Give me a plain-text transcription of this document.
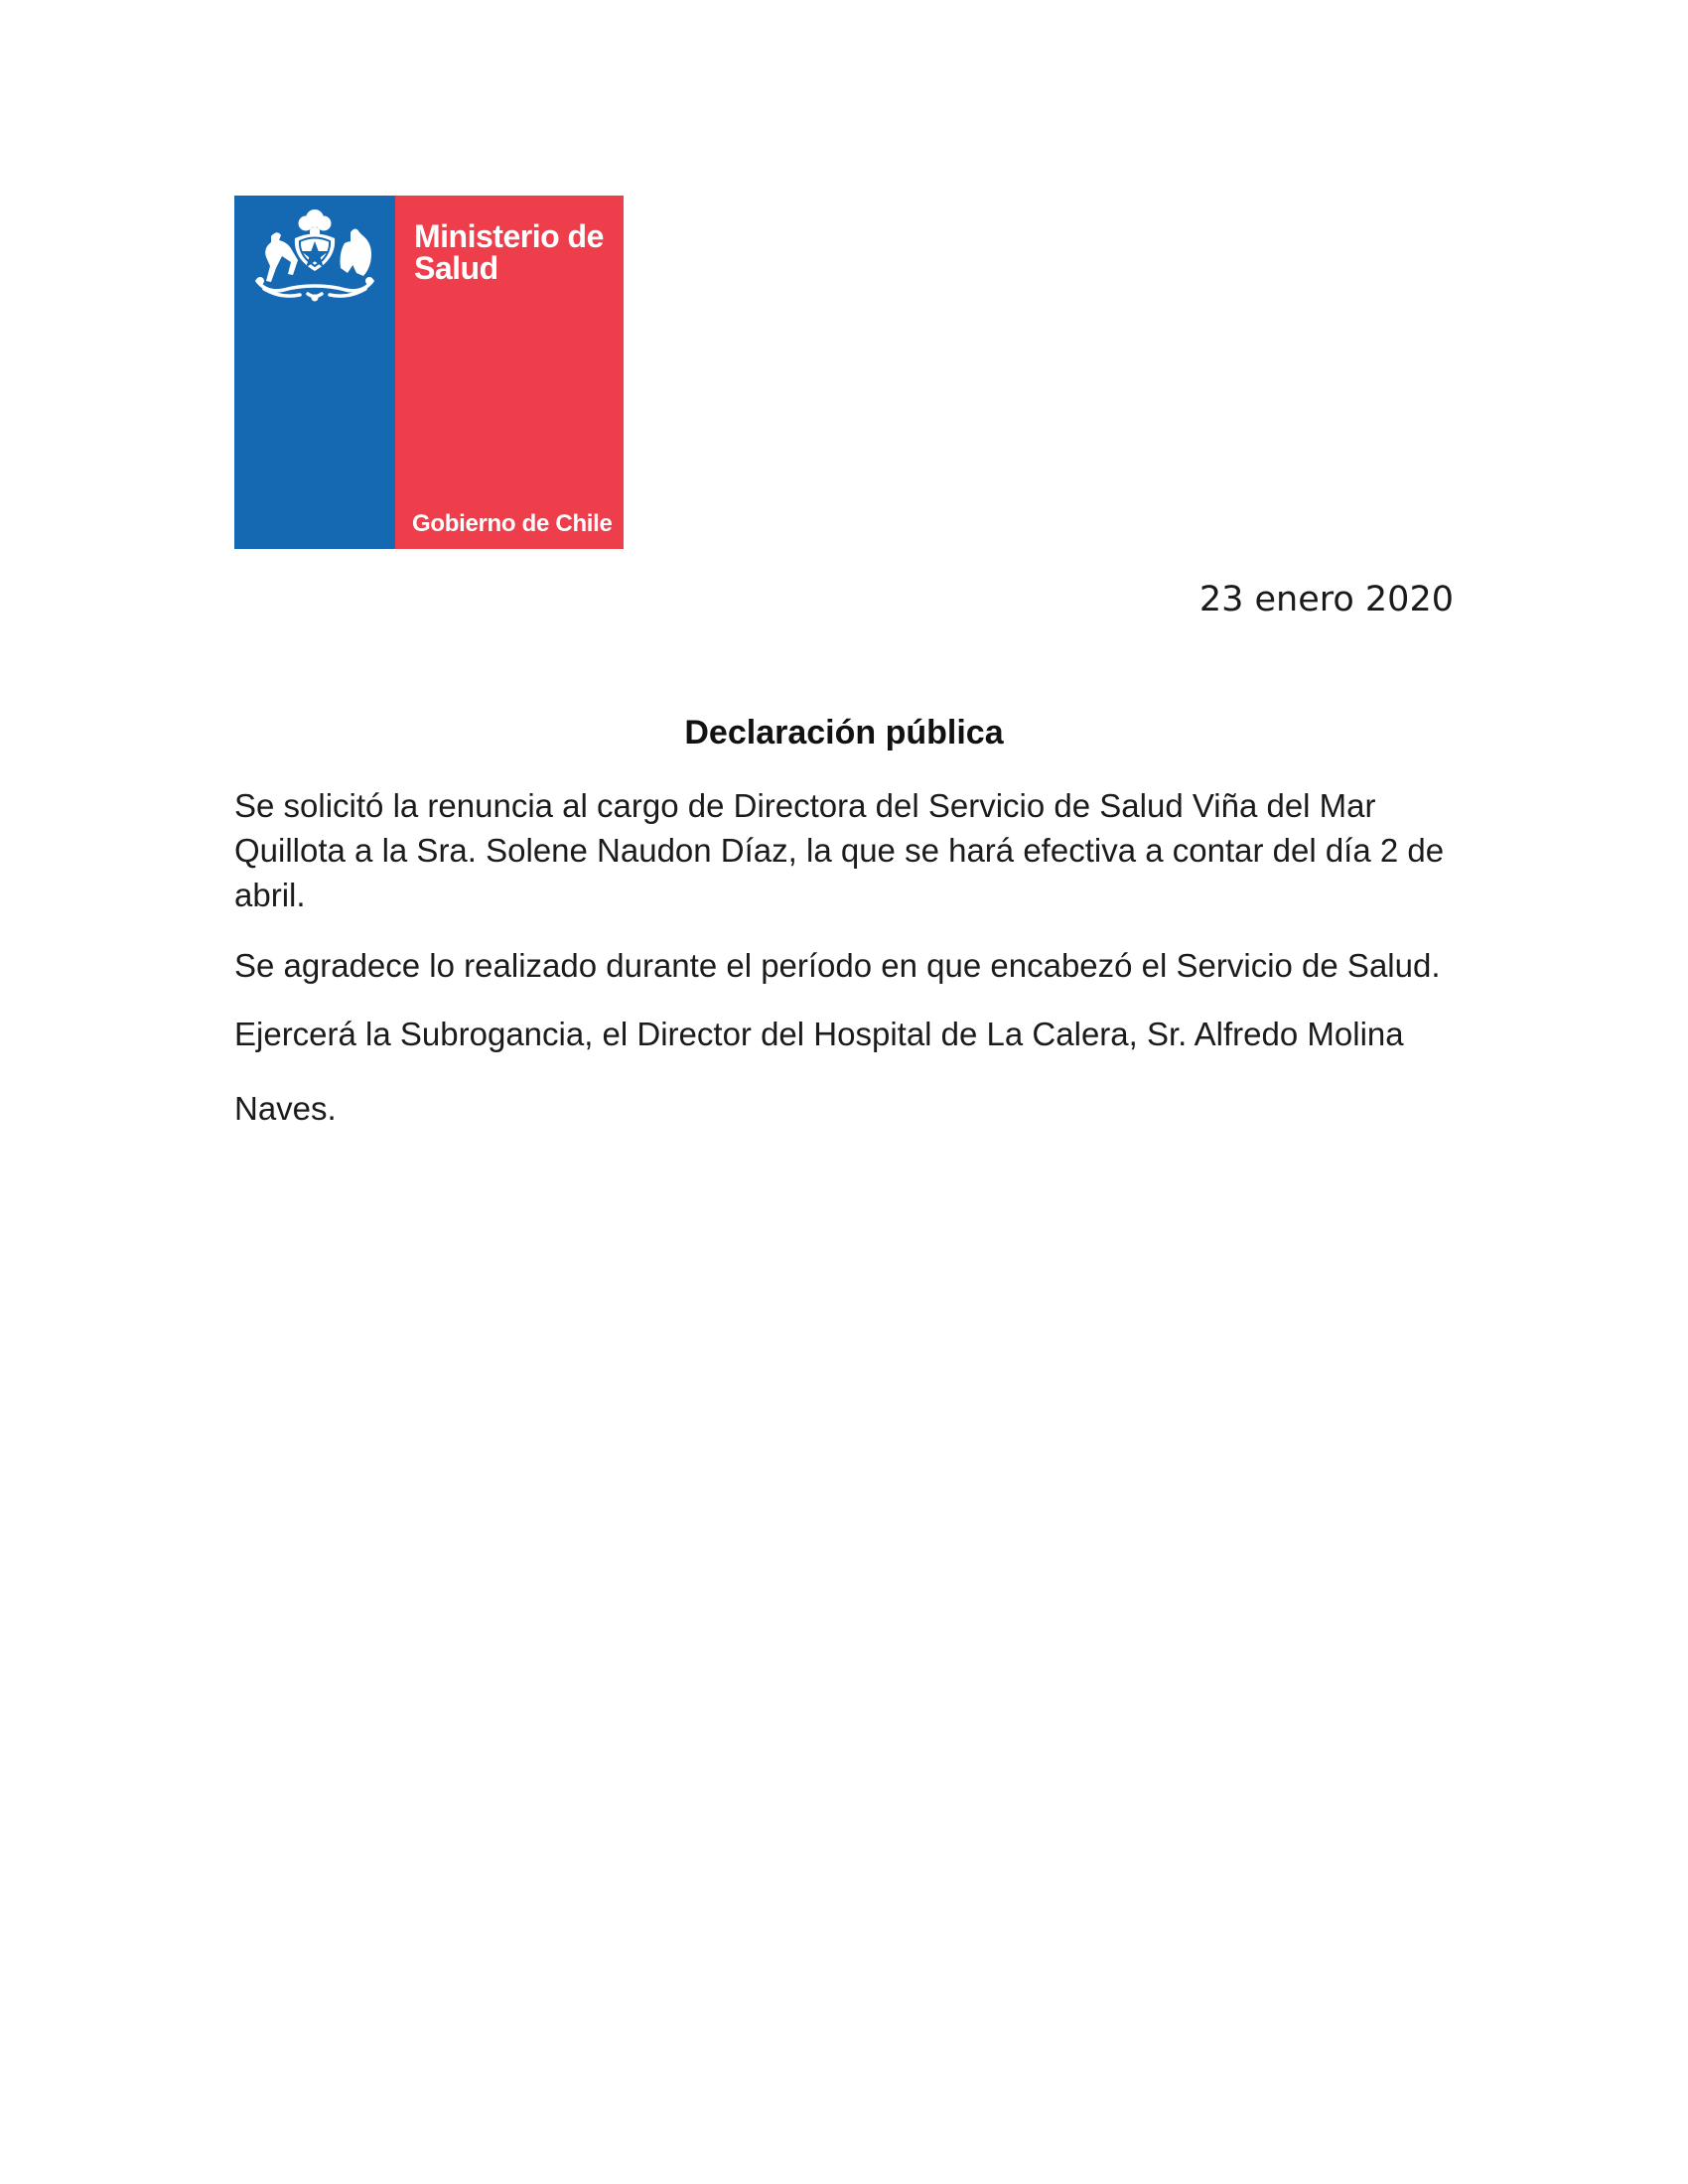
Ministerio de
Salud
Gobierno de Chile
23 enero 2020
Declaración pública

Se solicitó la renuncia al cargo de Directora del Servicio de Salud Viña del Mar Quillota a la Sra. Solene Naudon Díaz, la que se hará efectiva a contar del día 2 de abril.

Se agradece lo realizado durante el período en que encabezó el Servicio de Salud.

Ejercerá la Subrogancia, el Director del Hospital de La Calera, Sr. Alfredo Molina

Naves.
